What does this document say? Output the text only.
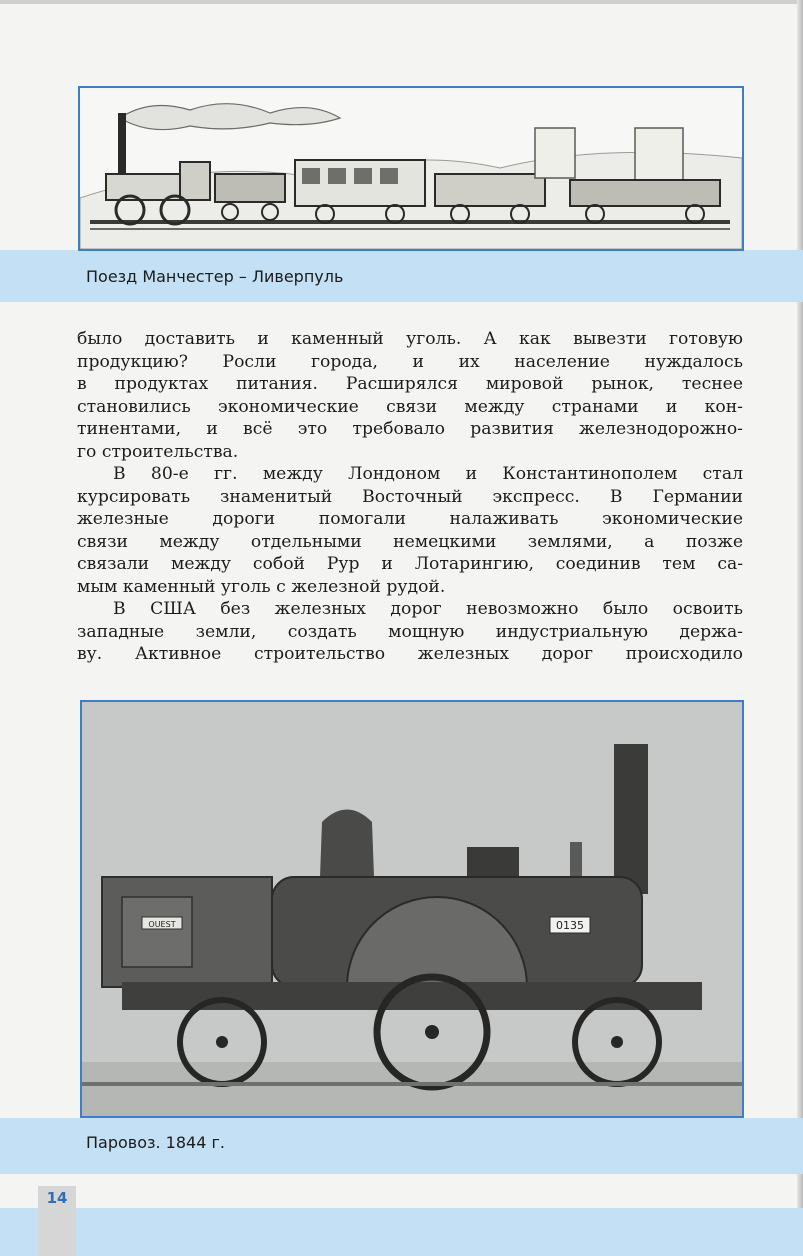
Поезд Манчестер – Ливерпуль
было доставить и каменный уголь. А как вывезти готовую
продукцию? Росли города, и их население нуждалось
в продуктах питания. Расширялся мировой рынок, теснее
становились экономические связи между странами и кон-
тинентами, и всё это требовало развития железнодорожно-
го строительства.
В 80-е гг. между Лондоном и Константинополем стал
курсировать знаменитый Восточный экспресс. В Германии
железные дороги помогали налаживать экономические
связи между отдельными немецкими землями, а позже
связали между собой Рур и Лотарингию, соединив тем са-
мым каменный уголь с железной рудой.
В США без железных дорог невозможно было освоить
западные земли, создать мощную индустриальную держа-
ву. Активное строительство железных дорог происходило
OUEST	0135
Паровоз. 1844 г.
14
